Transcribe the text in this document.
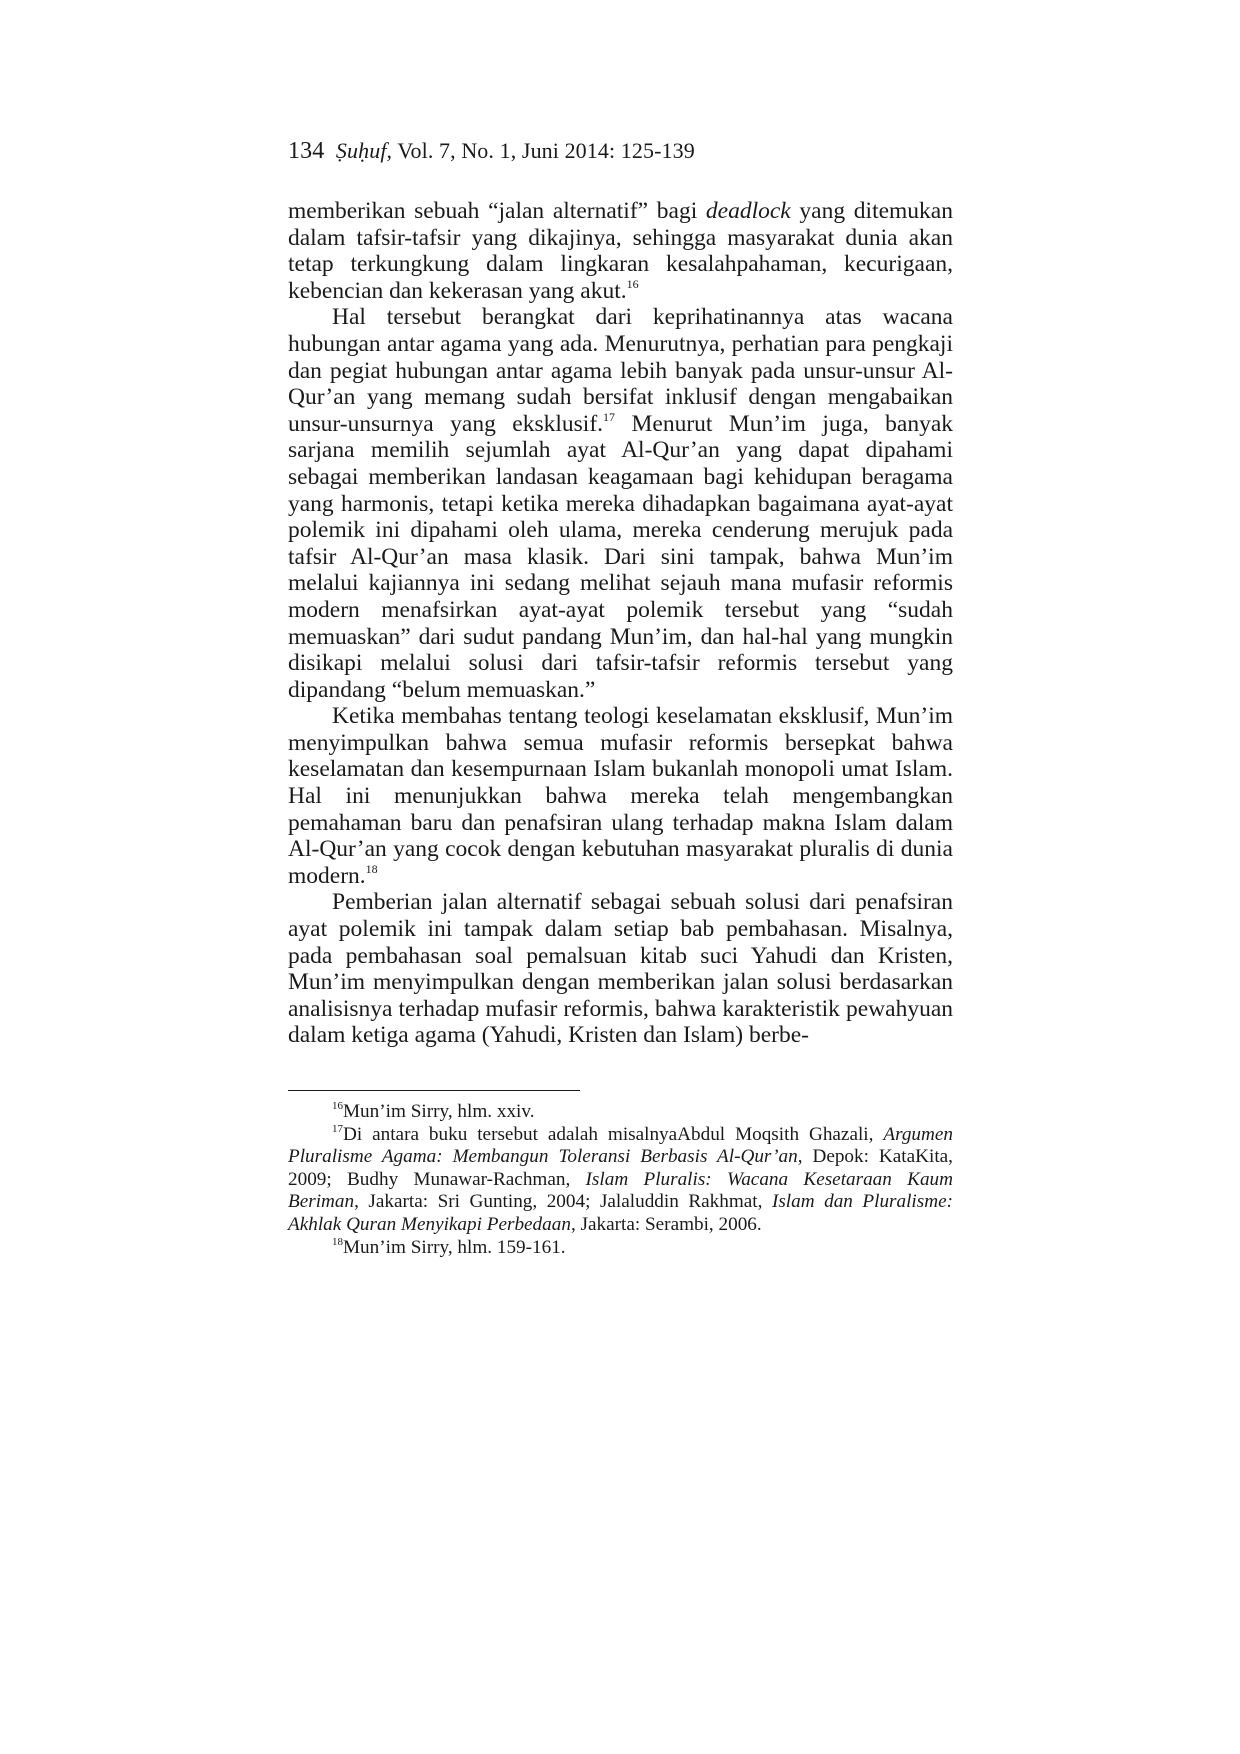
134 Ṣuḥuf, Vol. 7, No. 1, Juni 2014: 125-139

memberikan sebuah “jalan alternatif” bagi deadlock yang ditemukan dalam tafsir-tafsir yang dikajinya, sehingga masyarakat dunia akan tetap terkungkung dalam lingkaran kesalahpahaman, kecurigaan, kebencian dan kekerasan yang akut.$^{16}$

Hal tersebut berangkat dari keprihatinannya atas wacana hubungan antar agama yang ada. Menurutnya, perhatian para pengkaji dan pegiat hubungan antar agama lebih banyak pada unsur-unsur Al-Qur’an yang memang sudah bersifat inklusif dengan mengabaikan unsur-unsurnya yang eksklusif.$^{17}$ Menurut Mun’im juga, banyak sarjana memilih sejumlah ayat Al-Qur’an yang dapat dipahami sebagai memberikan landasan keagamaan bagi kehidupan beragama yang harmonis, tetapi ketika mereka dihadapkan bagaimana ayat-ayat polemik ini dipahami oleh ulama, mereka cenderung merujuk pada tafsir Al-Qur’an masa klasik. Dari sini tampak, bahwa Mun’im melalui kajiannya ini sedang melihat sejauh mana mufasir reformis modern menafsirkan ayat-ayat polemik tersebut yang “sudah memuaskan” dari sudut pandang Mun’im, dan hal-hal yang mungkin disikapi melalui solusi dari tafsir-tafsir reformis tersebut yang dipandang “belum memuaskan.”

Ketika membahas tentang teologi keselamatan eksklusif, Mun’im menyimpulkan bahwa semua mufasir reformis bersepkat bahwa keselamatan dan kesempurnaan Islam bukanlah monopoli umat Islam. Hal ini menunjukkan bahwa mereka telah mengembangkan pemahaman baru dan penafsiran ulang terhadap makna Islam dalam Al-Qur’an yang cocok dengan kebutuhan masyarakat pluralis di dunia modern.$^{18}$

Pemberian jalan alternatif sebagai sebuah solusi dari penafsiran ayat polemik ini tampak dalam setiap bab pembahasan. Misalnya, pada pembahasan soal pemalsuan kitab suci Yahudi dan Kristen, Mun’im menyimpulkan dengan memberikan jalan solusi berdasarkan analisisnya terhadap mufasir reformis, bahwa karakteristik pewahyuan dalam ketiga agama (Yahudi, Kristen dan Islam) berbe-

$^{16}$Mun’im Sirry, hlm. xxiv.

$^{17}$Di antara buku tersebut adalah misalnyaAbdul Moqsith Ghazali, Argumen Pluralisme Agama: Membangun Toleransi Berbasis Al-Qur’an, Depok: KataKita, 2009; Budhy Munawar-Rachman, Islam Pluralis: Wacana Kesetaraan Kaum Beriman, Jakarta: Sri Gunting, 2004; Jalaluddin Rakhmat, Islam dan Pluralisme: Akhlak Quran Menyikapi Perbedaan, Jakarta: Serambi, 2006.

$^{18}$Mun’im Sirry, hlm. 159-161.
